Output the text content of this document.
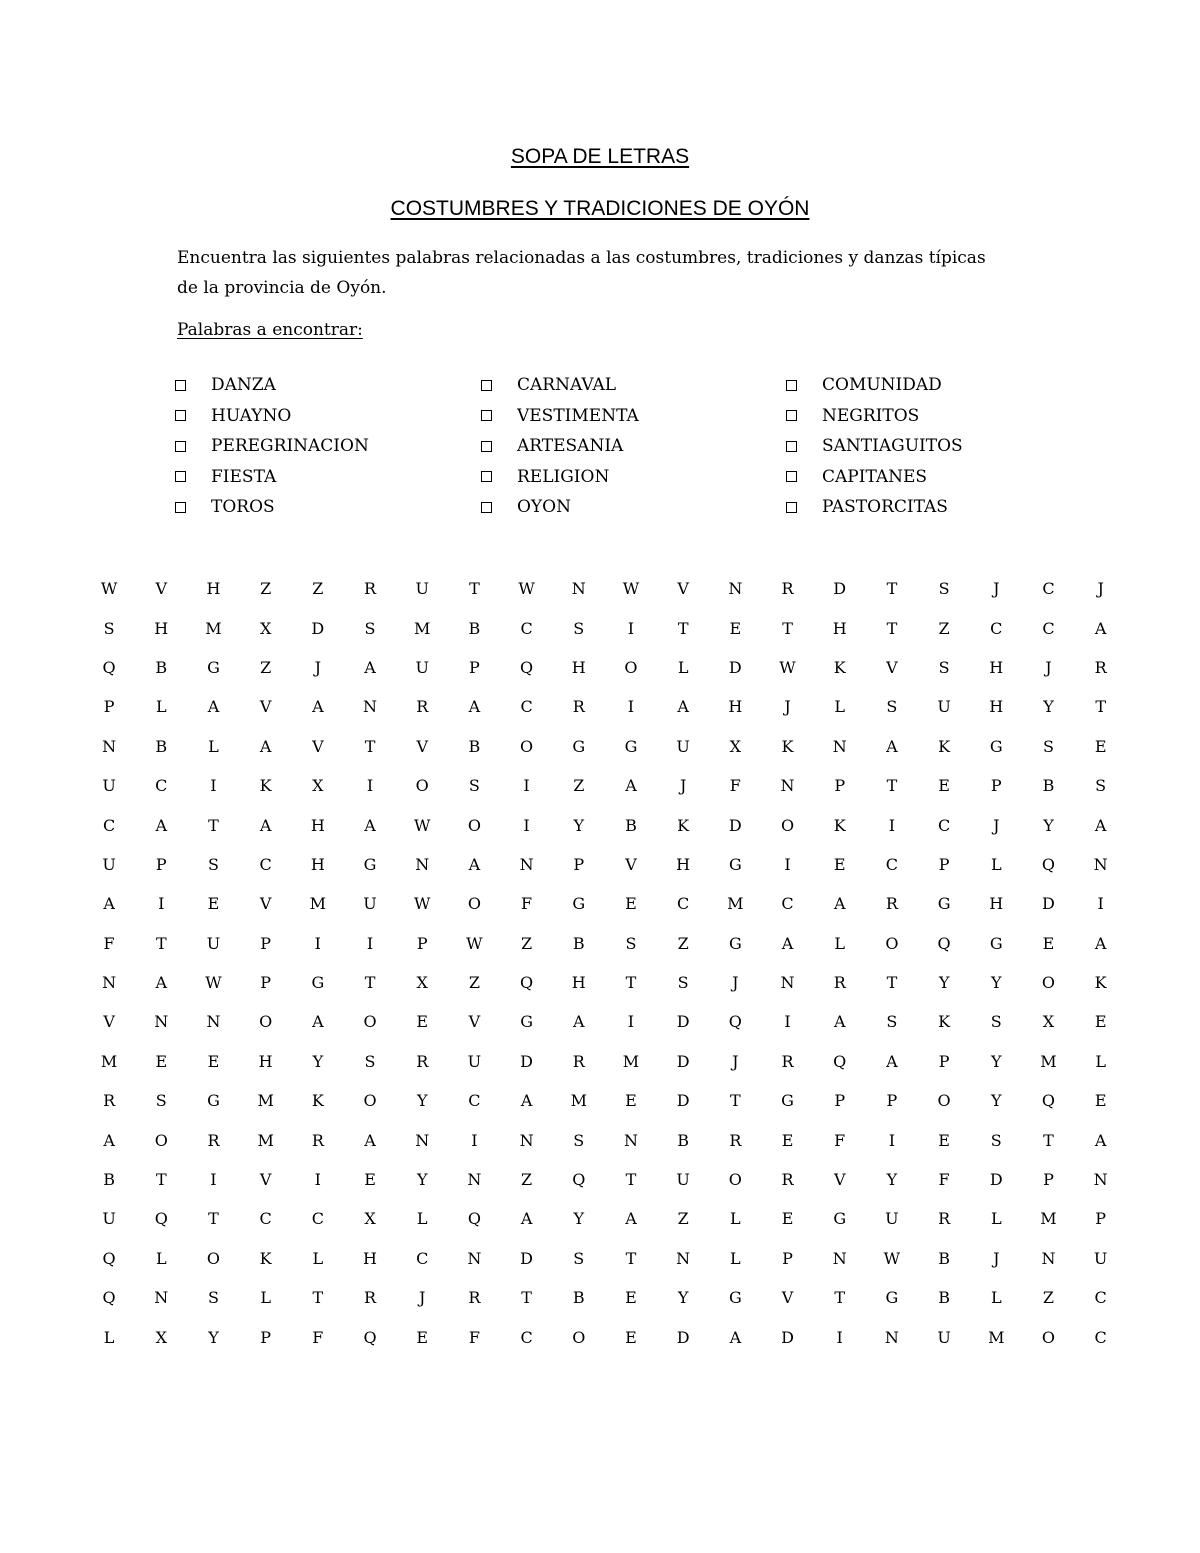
SOPA DE LETRAS
COSTUMBRES Y TRADICIONES DE OYÓN
Encuentra las siguientes palabras relacionadas a las costumbres, tradiciones y danzas típicas de la provincia de Oyón.
Palabras a encontrar:
DANZA
HUAYNO
PEREGRINACION
FIESTA
TOROS
CARNAVAL
VESTIMENTA
ARTESANIA
RELIGION
OYON
COMUNIDAD
NEGRITOS
SANTIAGUITOS
CAPITANES
PASTORCITAS
W	V	H	Z	Z	R	U	T	W	N	W	V	N	R	D	T	S	J	C	J
S	H	M	X	D	S	M	B	C	S	I	T	E	T	H	T	Z	C	C	A
Q	B	G	Z	J	A	U	P	Q	H	O	L	D	W	K	V	S	H	J	R
P	L	A	V	A	N	R	A	C	R	I	A	H	J	L	S	U	H	Y	T
N	B	L	A	V	T	V	B	O	G	G	U	X	K	N	A	K	G	S	E
U	C	I	K	X	I	O	S	I	Z	A	J	F	N	P	T	E	P	B	S
C	A	T	A	H	A	W	O	I	Y	B	K	D	O	K	I	C	J	Y	A
U	P	S	C	H	G	N	A	N	P	V	H	G	I	E	C	P	L	Q	N
A	I	E	V	M	U	W	O	F	G	E	C	M	C	A	R	G	H	D	I
F	T	U	P	I	I	P	W	Z	B	S	Z	G	A	L	O	Q	G	E	A
N	A	W	P	G	T	X	Z	Q	H	T	S	J	N	R	T	Y	Y	O	K
V	N	N	O	A	O	E	V	G	A	I	D	Q	I	A	S	K	S	X	E
M	E	E	H	Y	S	R	U	D	R	M	D	J	R	Q	A	P	Y	M	L
R	S	G	M	K	O	Y	C	A	M	E	D	T	G	P	P	O	Y	Q	E
A	O	R	M	R	A	N	I	N	S	N	B	R	E	F	I	E	S	T	A
B	T	I	V	I	E	Y	N	Z	Q	T	U	O	R	V	Y	F	D	P	N
U	Q	T	C	C	X	L	Q	A	Y	A	Z	L	E	G	U	R	L	M	P
Q	L	O	K	L	H	C	N	D	S	T	N	L	P	N	W	B	J	N	U
Q	N	S	L	T	R	J	R	T	B	E	Y	G	V	T	G	B	L	Z	C
L	X	Y	P	F	Q	E	F	C	O	E	D	A	D	I	N	U	M	O	C
